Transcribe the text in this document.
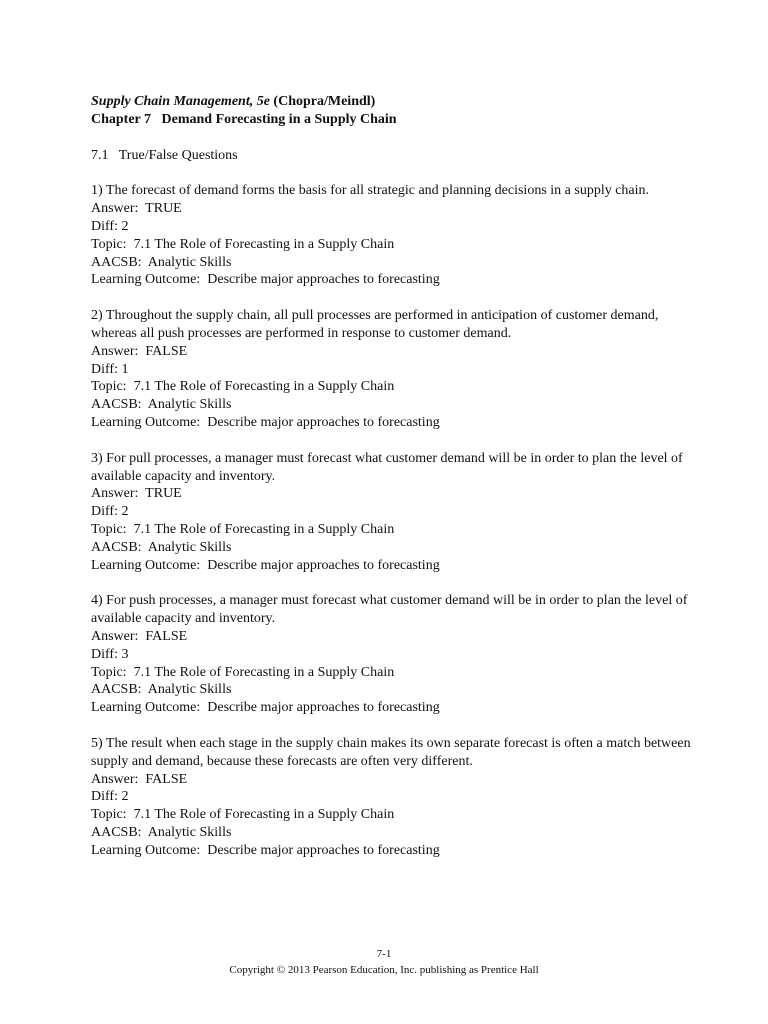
Supply Chain Management, 5e (Chopra/Meindl)
Chapter 7   Demand Forecasting in a Supply Chain
7.1   True/False Questions
1) The forecast of demand forms the basis for all strategic and planning decisions in a supply chain.
Answer:  TRUE
Diff: 2
Topic:  7.1 The Role of Forecasting in a Supply Chain
AACSB:  Analytic Skills
Learning Outcome:  Describe major approaches to forecasting
2) Throughout the supply chain, all pull processes are performed in anticipation of customer demand, whereas all push processes are performed in response to customer demand.
Answer:  FALSE
Diff: 1
Topic:  7.1 The Role of Forecasting in a Supply Chain
AACSB:  Analytic Skills
Learning Outcome:  Describe major approaches to forecasting
3) For pull processes, a manager must forecast what customer demand will be in order to plan the level of available capacity and inventory.
Answer:  TRUE
Diff: 2
Topic:  7.1 The Role of Forecasting in a Supply Chain
AACSB:  Analytic Skills
Learning Outcome:  Describe major approaches to forecasting
4) For push processes, a manager must forecast what customer demand will be in order to plan the level of available capacity and inventory.
Answer:  FALSE
Diff: 3
Topic:  7.1 The Role of Forecasting in a Supply Chain
AACSB:  Analytic Skills
Learning Outcome:  Describe major approaches to forecasting
5) The result when each stage in the supply chain makes its own separate forecast is often a match between supply and demand, because these forecasts are often very different.
Answer:  FALSE
Diff: 2
Topic:  7.1 The Role of Forecasting in a Supply Chain
AACSB:  Analytic Skills
Learning Outcome:  Describe major approaches to forecasting
7-1
Copyright © 2013 Pearson Education, Inc. publishing as Prentice Hall
